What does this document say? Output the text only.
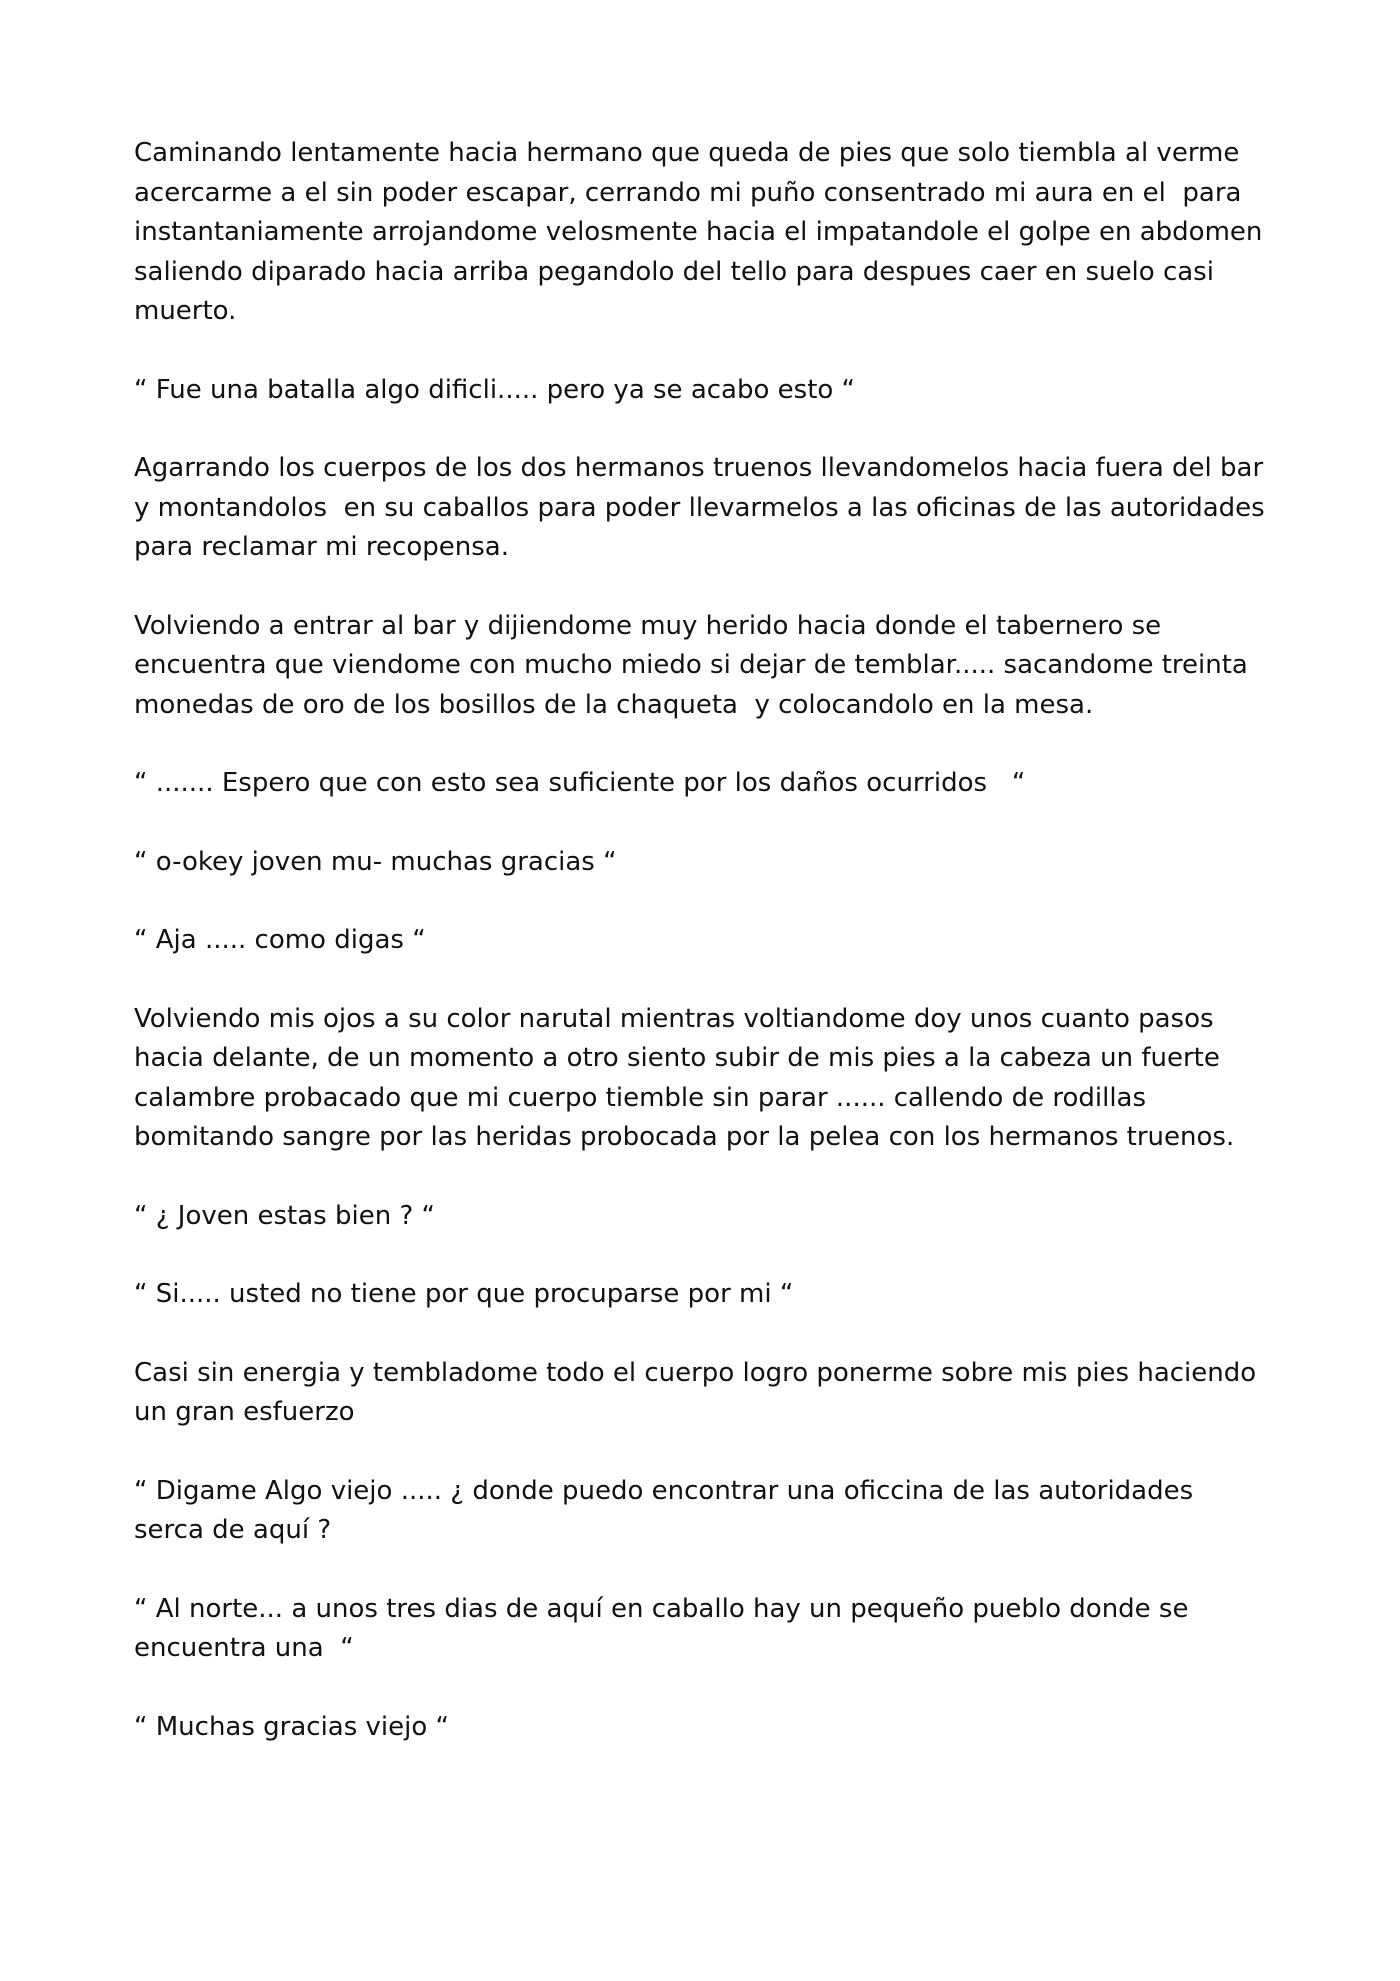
Caminando lentamente hacia hermano que queda de pies que solo tiembla al verme acercarme a el sin poder escapar, cerrando mi puño consentrado mi aura en el  para instantaniamente arrojandome velosmente hacia el impatandole el golpe en abdomen saliendo diparado hacia arriba pegandolo del tello para despues caer en suelo casi muerto.

“ Fue una batalla algo dificli..... pero ya se acabo esto “

Agarrando los cuerpos de los dos hermanos truenos llevandomelos hacia fuera del bar y montandolos  en su caballos para poder llevarmelos a las oficinas de las autoridades para reclamar mi recopensa.

Volviendo a entrar al bar y dijiendome muy herido hacia donde el tabernero se encuentra que viendome con mucho miedo si dejar de temblar..... sacandome treinta monedas de oro de los bosillos de la chaqueta  y colocandolo en la mesa.

“ ....... Espero que con esto sea suficiente por los daños ocurridos   “

“ o-okey joven mu- muchas gracias “

“ Aja ..... como digas “

Volviendo mis ojos a su color narutal mientras voltiandome doy unos cuanto pasos hacia delante, de un momento a otro siento subir de mis pies a la cabeza un fuerte calambre probacado que mi cuerpo tiemble sin parar ...... callendo de rodillas bomitando sangre por las heridas probocada por la pelea con los hermanos truenos.

“ ¿ Joven estas bien ? “

“ Si..... usted no tiene por que procuparse por mi “

Casi sin energia y tembladome todo el cuerpo logro ponerme sobre mis pies haciendo un gran esfuerzo

“ Digame Algo viejo ..... ¿ donde puedo encontrar una oficcina de las autoridades  serca de aquí ?

“ Al norte... a unos tres dias de aquí en caballo hay un pequeño pueblo donde se encuentra una  “

“ Muchas gracias viejo “
